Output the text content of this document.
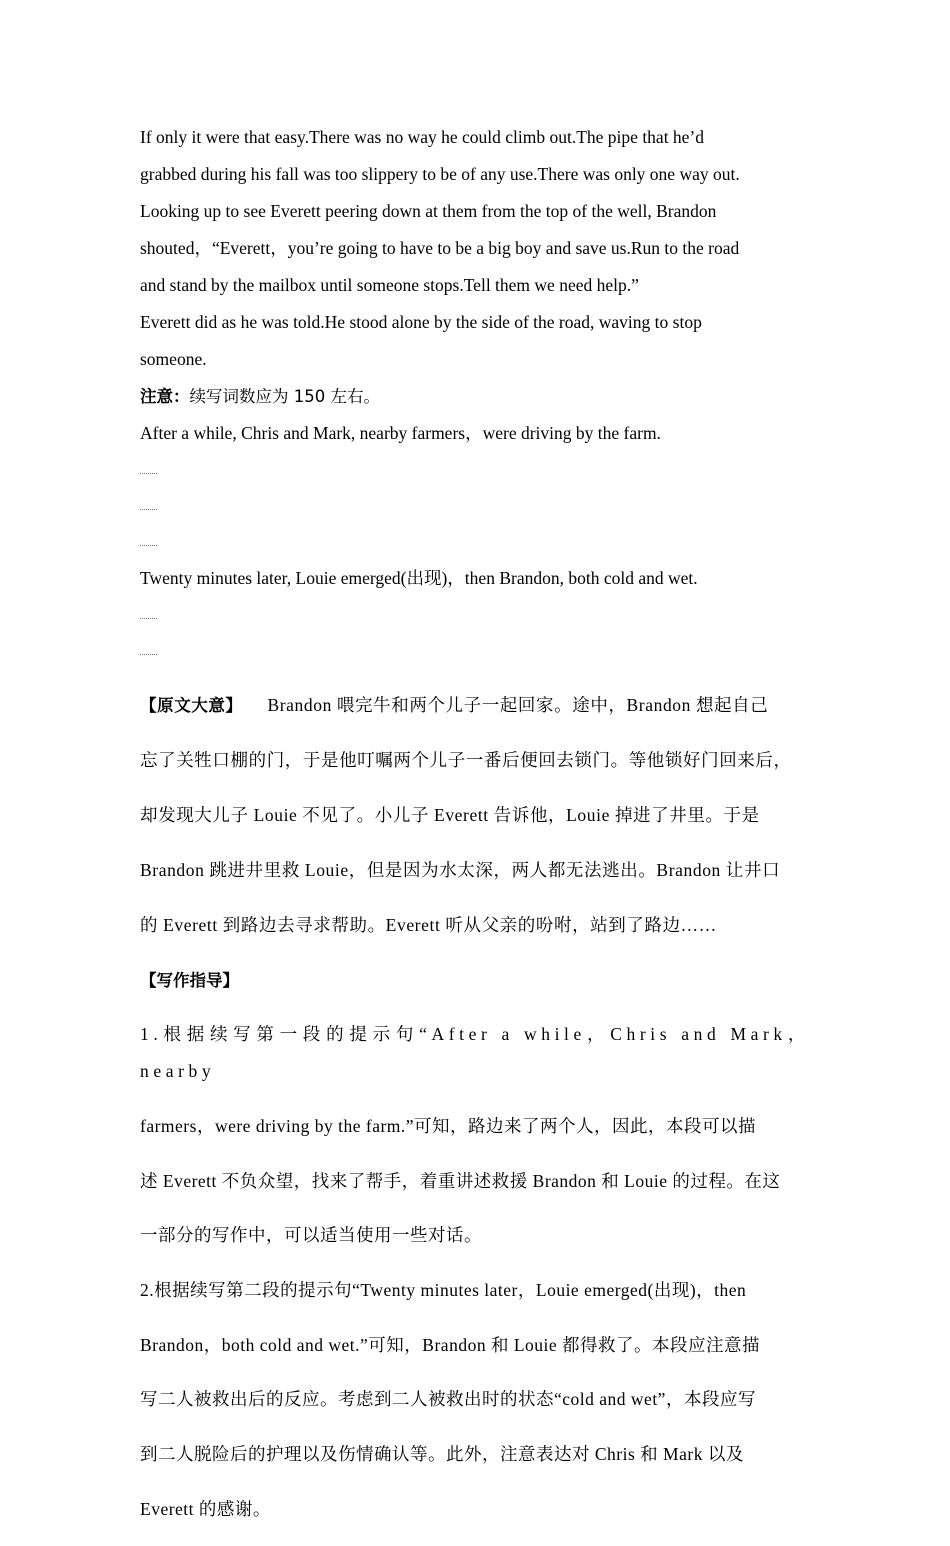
If only it were that easy.There was no way he could climb out.The pipe that he’d

grabbed during his fall was too slippery to be of any use.There was only one way out.

Looking up to see Everett peering down at them from the top of the well, Brandon

shouted，“Everett，you’re going to have to be a big boy and save us.Run to the road

and stand by the mailbox until someone stops.Tell them we need help.”

Everett did as he was told.He stood alone by the side of the road, waving to stop

someone.

注意：续写词数应为 150 左右。

After a while, Chris and Mark, nearby farmers，were driving by the farm.

Twenty minutes later, Louie emerged(出现)，then Brandon, both cold and wet.

【原文大意】 Brandon 喂完牛和两个儿子一起回家。途中，Brandon 想起自己

忘了关牲口棚的门，于是他叮嘱两个儿子一番后便回去锁门。等他锁好门回来后，

却发现大儿子 Louie 不见了。小儿子 Everett 告诉他，Louie 掉进了井里。于是

Brandon 跳进井里救 Louie，但是因为水太深，两人都无法逃出。Brandon 让井口

的 Everett 到路边去寻求帮助。Everett 听从父亲的吩咐，站到了路边……

【写作指导】

1.根据续写第一段的提示句“After a while，Chris and Mark，nearby

farmers，were driving by the farm.”可知，路边来了两个人，因此，本段可以描

述 Everett 不负众望，找来了帮手，着重讲述救援 Brandon 和 Louie 的过程。在这

一部分的写作中，可以适当使用一些对话。

2.根据续写第二段的提示句“Twenty minutes later，Louie emerged(出现)，then

Brandon，both cold and wet.”可知，Brandon 和 Louie 都得救了。本段应注意描

写二人被救出后的反应。考虑到二人被救出时的状态“cold and wet”，本段应写

到二人脱险后的护理以及伤情确认等。此外，注意表达对 Chris 和 Mark 以及

Everett 的感谢。
